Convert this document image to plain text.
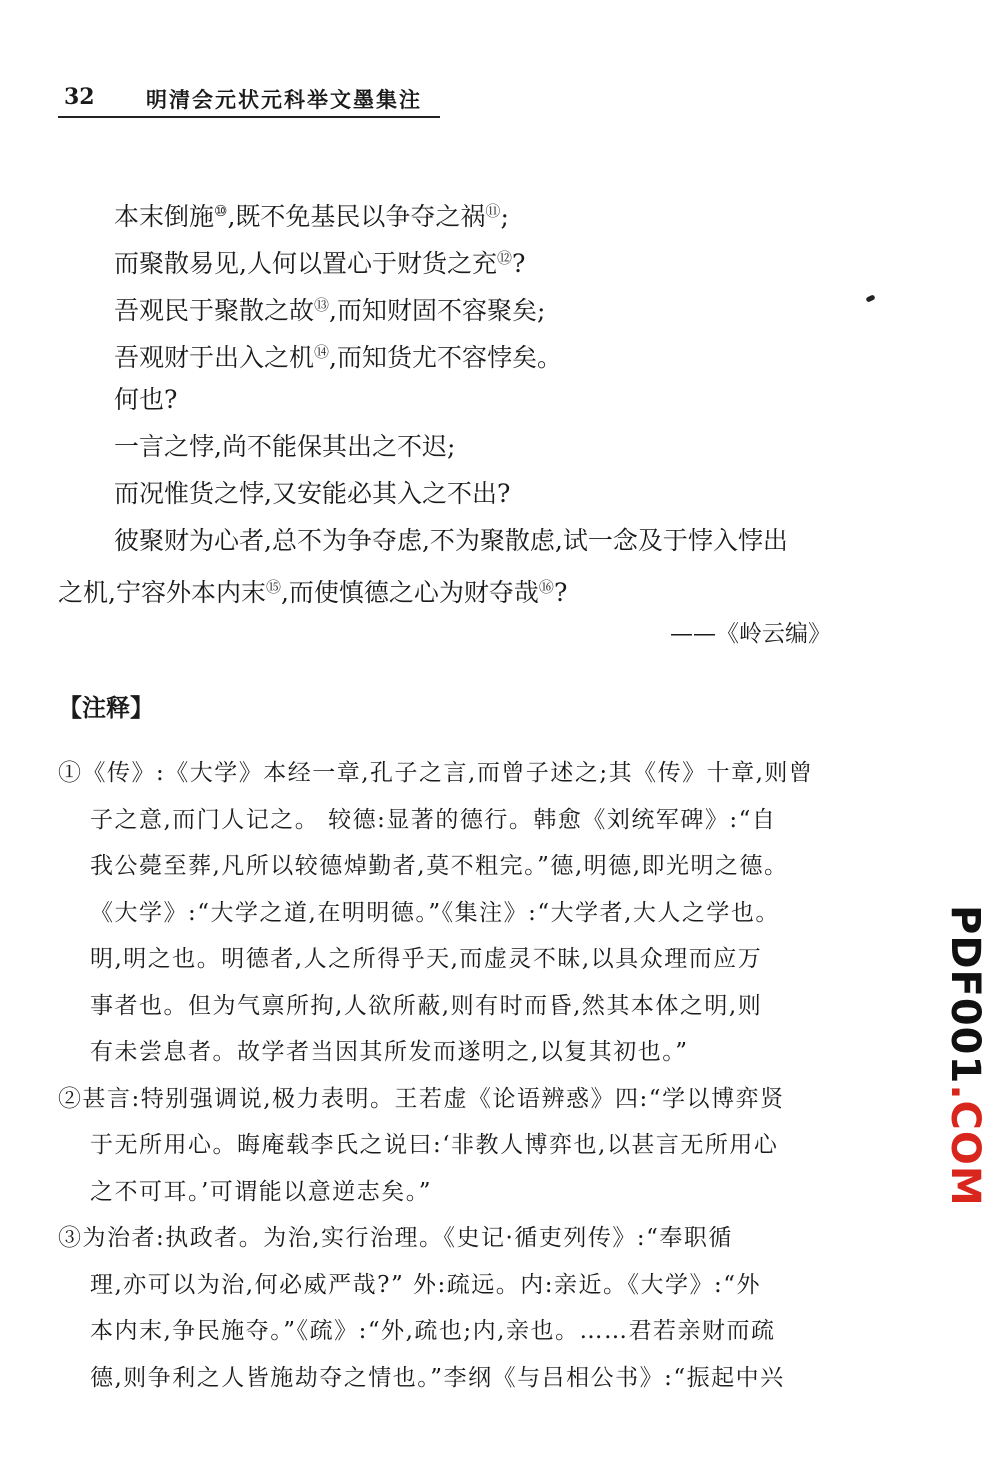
32 明清会元状元科举文墨集注
本末倒施⑩,既不免基民以争夺之祸⑪;
而聚散易见,人何以置心于财货之充⑫?
吾观民于聚散之故⑬,而知财固不容聚矣;
吾观财于出入之机⑭,而知货尤不容悖矣。
何也?
一言之悖,尚不能保其出之不迟;
而况惟货之悖,又安能必其入之不出?
彼聚财为心者,总不为争夺虑,不为聚散虑,试一念及于悖入悖出
之机,宁容外本内末⑮,而使慎德之心为财夺哉⑯?
——《岭云编》
【注释】
①《传》:《大学》本经一章,孔子之言,而曾子述之;其《传》十章,则曾
子之意,而门人记之。 较德:显著的德行。韩愈《刘统军碑》:“自
我公薨至葬,凡所以较德焯勤者,莫不粗完。”德,明德,即光明之德。
《大学》:“大学之道,在明明德。”《集注》:“大学者,大人之学也。
明,明之也。明德者,人之所得乎天,而虚灵不昧,以具众理而应万
事者也。但为气禀所拘,人欲所蔽,则有时而昏,然其本体之明,则
有未尝息者。故学者当因其所发而遂明之,以复其初也。”
②甚言:特别强调说,极力表明。王若虚《论语辨惑》四:“学以博弈贤
于无所用心。晦庵载李氏之说曰:‘非教人博弈也,以甚言无所用心
之不可耳。’可谓能以意逆志矣。”
③为治者:执政者。为治,实行治理。《史记·循吏列传》:“奉职循
理,亦可以为治,何必威严哉?” 外:疏远。内:亲近。《大学》:“外
本内末,争民施夺。”《疏》:“外,疏也;内,亲也。……君若亲财而疏
德,则争利之人皆施劫夺之情也。”李纲《与吕相公书》:“振起中兴
PDF001.COM
